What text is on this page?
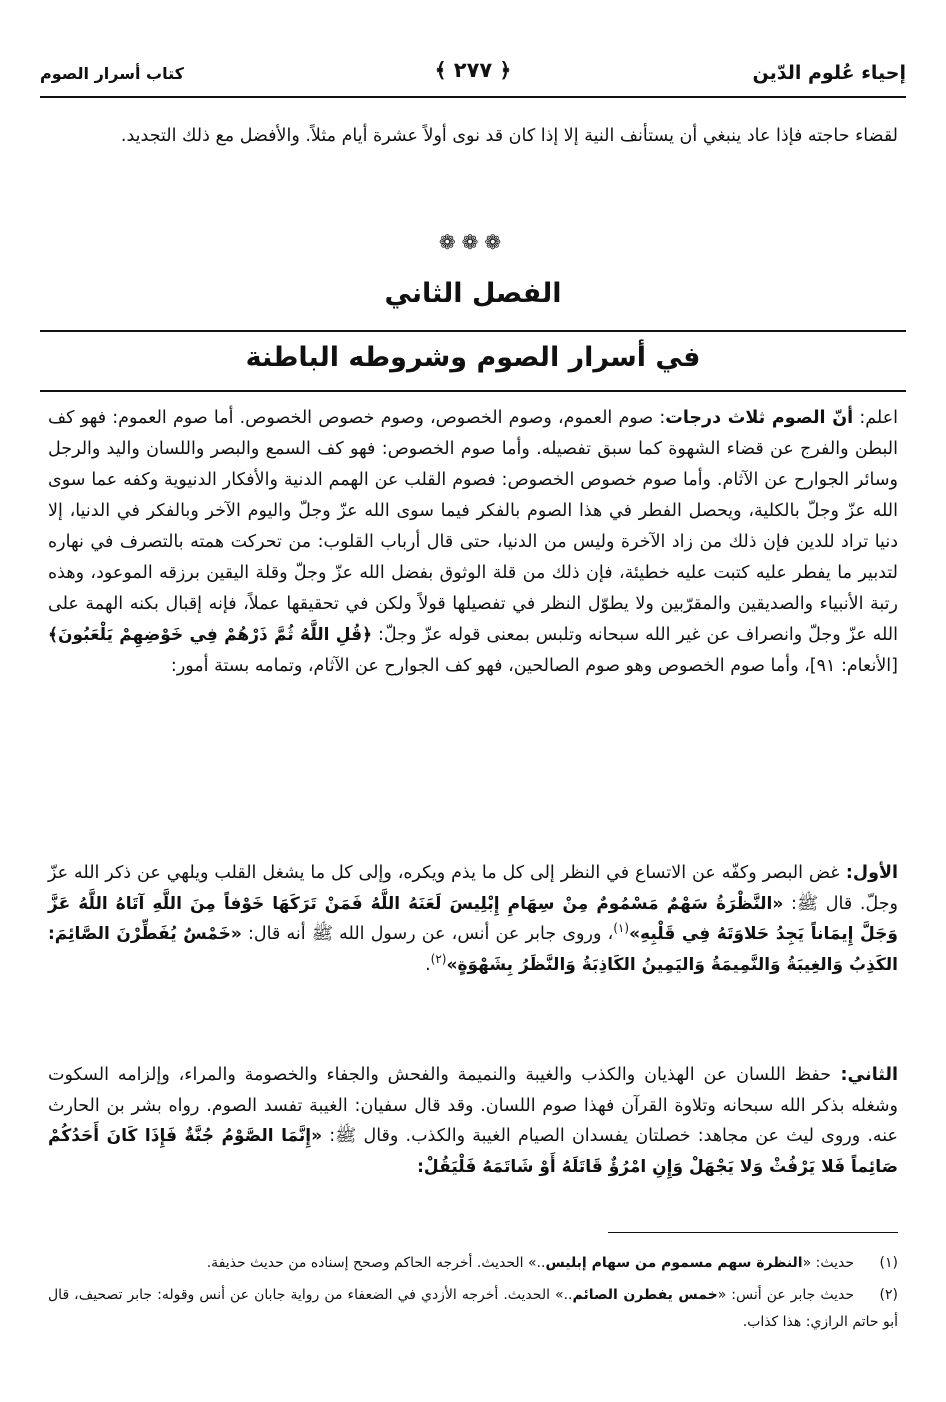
إحياء عُلوم الدّين
﴿ ٢٧٧ ﴾
كتاب أسرار الصوم
لقضاء حاجته فإذا عاد ينبغي أن يستأنف النية إلا إذا كان قد نوى أولاً عشرة أيام مثلاً. والأفضل مع ذلك التجديد.
❁❁❁
الفصل الثاني
في أسرار الصوم وشروطه الباطنة
اعلم: أنّ الصوم ثلاث درجات: صوم العموم، وصوم الخصوص، وصوم خصوص الخصوص. أما صوم العموم: فهو كف البطن والفرج عن قضاء الشهوة كما سبق تفصيله. وأما صوم الخصوص: فهو كف السمع والبصر واللسان واليد والرجل وسائر الجوارح عن الآثام. وأما صوم خصوص الخصوص: فصوم القلب عن الهمم الدنية والأفكار الدنيوية وكفه عما سوى الله عزّ وجلّ بالكلية، ويحصل الفطر في هذا الصوم بالفكر فيما سوى الله عزّ وجلّ واليوم الآخر وبالفكر في الدنيا، إلا دنيا تراد للدين فإن ذلك من زاد الآخرة وليس من الدنيا، حتى قال أرباب القلوب: من تحركت همته بالتصرف في نهاره لتدبير ما يفطر عليه كتبت عليه خطيئة، فإن ذلك من قلة الوثوق بفضل الله عزّ وجلّ وقلة اليقين برزقه الموعود، وهذه رتبة الأنبياء والصديقين والمقرّبين ولا يطوّل النظر في تفصيلها قولاً ولكن في تحقيقها عملاً، فإنه إقبال بكنه الهمة على الله عزّ وجلّ وانصراف عن غير الله سبحانه وتلبس بمعنى قوله عزّ وجلّ: ﴿قُلِ اللَّهُ ثُمَّ ذَرْهُمْ فِي خَوْضِهِمْ يَلْعَبُونَ﴾ [الأنعام: ٩١]، وأما صوم الخصوص وهو صوم الصالحين، فهو كف الجوارح عن الآثام، وتمامه بستة أمور:
الأول: غض البصر وكفّه عن الاتساع في النظر إلى كل ما يذم ويكره، وإلى كل ما يشغل القلب ويلهي عن ذكر الله عزّ وجلّ. قال ﷺ: «النَّظْرَةُ سَهْمٌ مَسْمُومٌ مِنْ سِهَامِ إِبْلِيسَ لَعَنَهُ اللَّهُ فَمَنْ تَرَكَهَا خَوْفاً مِنَ اللَّهِ آتَاهُ اللَّهُ عَزَّ وَجَلَّ إِيمَاناً يَجِدُ حَلاوَتَهُ فِي قَلْبِهِ»$^{(١)}$، وروى جابر عن أنس، عن رسول الله ﷺ أنه قال: «خَمْسٌ يُفَطِّرْنَ الصَّائِمَ: الكَذِبُ وَالغِيبَةُ وَالنَّمِيمَةُ وَاليَمِينُ الكَاذِبَةُ وَالنَّظَرُ بِشَهْوَةٍ»$^{(٢)}$.
الثاني: حفظ اللسان عن الهذيان والكذب والغيبة والنميمة والفحش والجفاء والخصومة والمراء، وإلزامه السكوت وشغله بذكر الله سبحانه وتلاوة القرآن فهذا صوم اللسان. وقد قال سفيان: الغيبة تفسد الصوم. رواه بشر بن الحارث عنه. وروى ليث عن مجاهد: خصلتان يفسدان الصيام الغيبة والكذب. وقال ﷺ: «إِنَّمَا الصَّوْمُ جُنَّةٌ فَإِذَا كَانَ أَحَدُكُمْ صَائِماً فَلا يَرْفُثْ وَلا يَجْهَلْ وَإِنِ امْرُؤٌ قَاتَلَهُ أَوْ شَاتَمَهُ فَلْيَقُلْ:
(١)حديث: «النظرة سهم مسموم من سهام إبليس..» الحديث. أخرجه الحاكم وصحح إسناده من حديث حذيفة.
(٢)حديث جابر عن أنس: «خمس يفطرن الصائم..» الحديث. أخرجه الأزدي في الضعفاء من رواية جابان عن أنس وقوله: جابر تصحيف، قال أبو حاتم الرازي: هذا كذاب.
